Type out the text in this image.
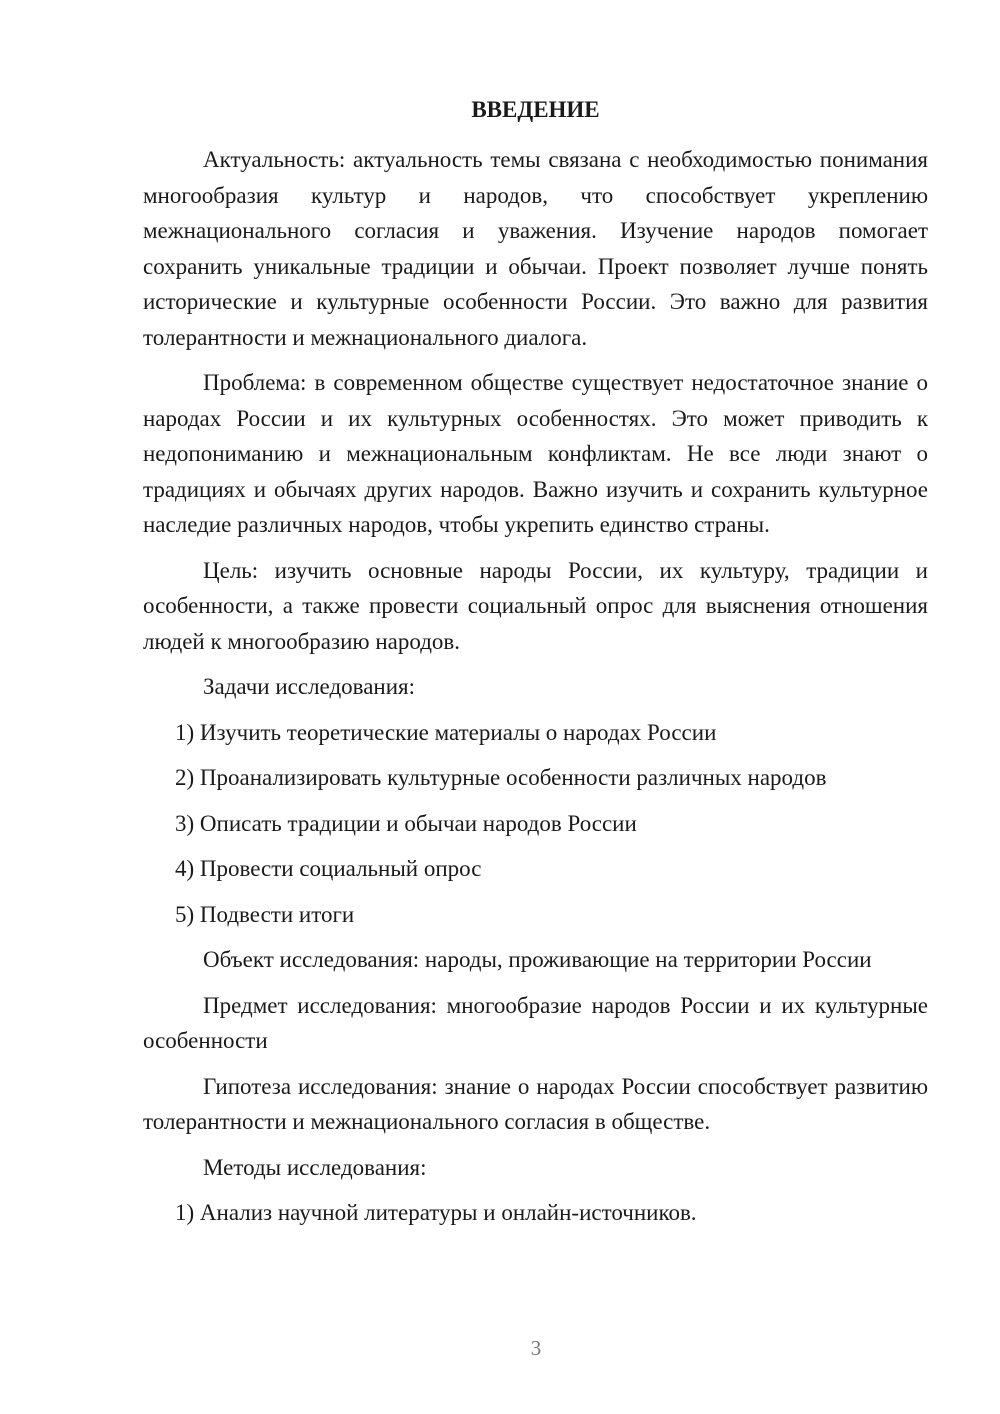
ВВЕДЕНИЕ

Актуальность: актуальность темы связана с необходимостью понимания многообразия культур и народов, что способствует укреплению межнационального согласия и уважения. Изучение народов помогает сохранить уникальные традиции и обычаи. Проект позволяет лучше понять исторические и культурные особенности России. Это важно для развития толерантности и межнационального диалога.

Проблема: в современном обществе существует недостаточное знание о народах России и их культурных особенностях. Это может приводить к недопониманию и межнациональным конфликтам. Не все люди знают о традициях и обычаях других народов. Важно изучить и сохранить культурное наследие различных народов, чтобы укрепить единство страны.

Цель: изучить основные народы России, их культуру, традиции и особенности, а также провести социальный опрос для выяснения отношения людей к многообразию народов.

Задачи исследования:

1) Изучить теоретические материалы о народах России
2) Проанализировать культурные особенности различных народов
3) Описать традиции и обычаи народов России
4) Провести социальный опрос
5) Подвести итоги

Объект исследования: народы, проживающие на территории России

Предмет исследования: многообразие народов России и их культурные особенности

Гипотеза исследования: знание о народах России способствует развитию толерантности и межнационального согласия в обществе.

Методы исследования:

1) Анализ научной литературы и онлайн-источников.
3
